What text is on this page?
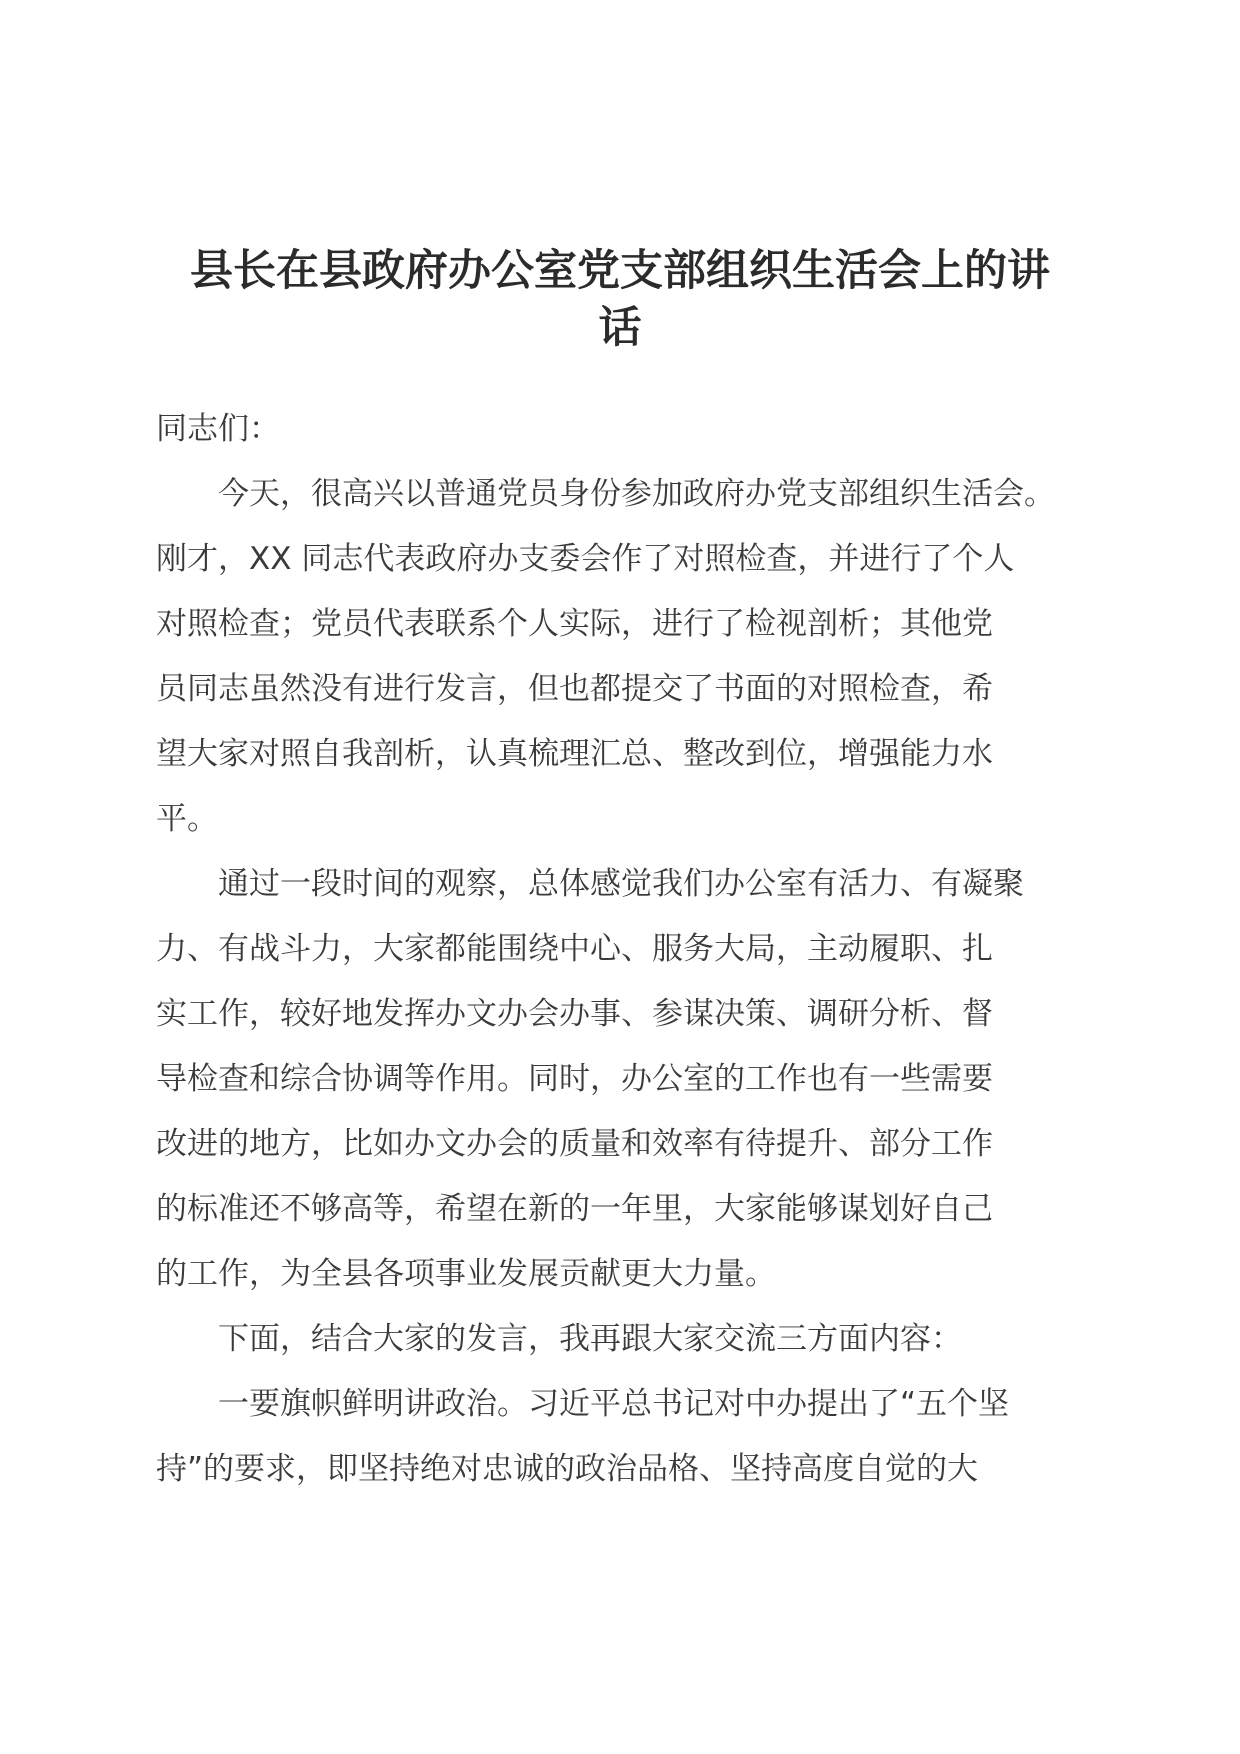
县长在县政府办公室党支部组织生活会上的讲
话

同志们：

今天，很高兴以普通党员身份参加政府办党支部组织生活会。
刚才，XX 同志代表政府办支委会作了对照检查，并进行了个人
对照检查；党员代表联系个人实际，进行了检视剖析；其他党
员同志虽然没有进行发言，但也都提交了书面的对照检查，希
望大家对照自我剖析，认真梳理汇总、整改到位，增强能力水
平。
通过一段时间的观察，总体感觉我们办公室有活力、有凝聚
力、有战斗力，大家都能围绕中心、服务大局，主动履职、扎
实工作，较好地发挥办文办会办事、参谋决策、调研分析、督
导检查和综合协调等作用。同时，办公室的工作也有一些需要
改进的地方，比如办文办会的质量和效率有待提升、部分工作
的标准还不够高等，希望在新的一年里，大家能够谋划好自己
的工作，为全县各项事业发展贡献更大力量。
下面，结合大家的发言，我再跟大家交流三方面内容：
一要旗帜鲜明讲政治。习近平总书记对中办提出了“五个坚
持”的要求，即坚持绝对忠诚的政治品格、坚持高度自觉的大
